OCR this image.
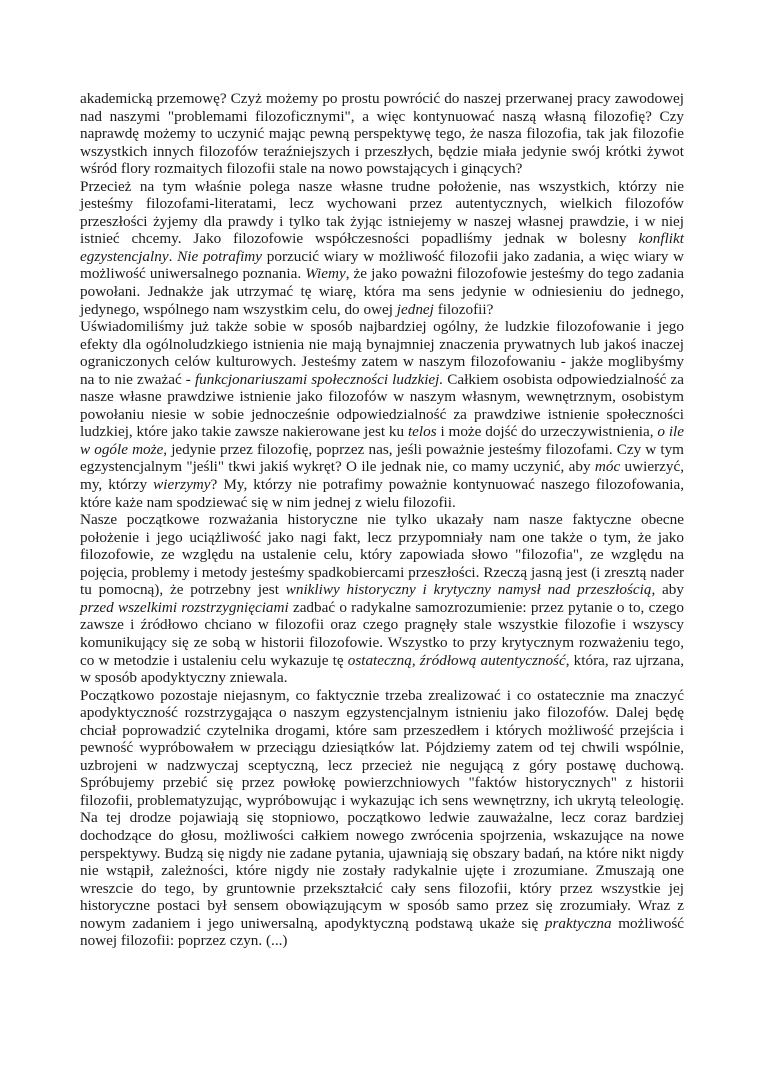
akademicką przemowę? Czyż możemy po prostu powrócić do naszej przerwanej pracy zawodowej nad naszymi "problemami filozoficznymi", a więc kontynuować naszą własną filozofię? Czy naprawdę możemy to uczynić mając pewną perspektywę tego, że nasza filozofia, tak jak filozofie wszystkich innych filozofów teraźniejszych i przeszłych, będzie miała jedynie swój krótki żywot wśród flory rozmaitych filozofii stale na nowo powstających i ginących?

Przecież na tym właśnie polega nasze własne trudne położenie, nas wszystkich, którzy nie jesteśmy filozofami-literatami, lecz wychowani przez autentycznych, wielkich filozofów przeszłości żyjemy dla prawdy i tylko tak żyjąc istniejemy w naszej własnej prawdzie, i w niej istnieć chcemy. Jako filozofowie współczesności popadliśmy jednak w bolesny konflikt egzystencjalny. Nie potrafimy porzucić wiary w możliwość filozofii jako zadania, a więc wiary w możliwość uniwersalnego poznania. Wiemy, że jako poważni filozofowie jesteśmy do tego zadania powołani. Jednakże jak utrzymać tę wiarę, która ma sens jedynie w odniesieniu do jednego, jedynego, wspólnego nam wszystkim celu, do owej jednej filozofii?

Uświadomiliśmy już także sobie w sposób najbardziej ogólny, że ludzkie filozofowanie i jego efekty dla ogólnoludzkiego istnienia nie mają bynajmniej znaczenia prywatnych lub jakoś inaczej ograniczonych celów kulturowych. Jesteśmy zatem w naszym filozofowaniu - jakże moglibyśmy na to nie zważać - funkcjonariuszami społeczności ludzkiej. Całkiem osobista odpowiedzialność za nasze własne prawdziwe istnienie jako filozofów w naszym własnym, wewnętrznym, osobistym powołaniu niesie w sobie jednocześnie odpowiedzialność za prawdziwe istnienie społeczności ludzkiej, które jako takie zawsze nakierowane jest ku telos i może dojść do urzeczywistnienia, o ile w ogóle może, jedynie przez filozofię, poprzez nas, jeśli poważnie jesteśmy filozofami. Czy w tym egzystencjalnym "jeśli" tkwi jakiś wykręt? O ile jednak nie, co mamy uczynić, aby móc uwierzyć, my, którzy wierzymy? My, którzy nie potrafimy poważnie kontynuować naszego filozofowania, które każe nam spodziewać się w nim jednej z wielu filozofii.

Nasze początkowe rozważania historyczne nie tylko ukazały nam nasze faktyczne obecne położenie i jego uciążliwość jako nagi fakt, lecz przypomniały nam one także o tym, że jako filozofowie, ze względu na ustalenie celu, który zapowiada słowo "filozofia", ze względu na pojęcia, problemy i metody jesteśmy spadkobiercami przeszłości. Rzeczą jasną jest (i zresztą nader tu pomocną), że potrzebny jest wnikliwy historyczny i krytyczny namysł nad przeszłością, aby przed wszelkimi rozstrzygnięciami zadbać o radykalne samozrozumienie: przez pytanie o to, czego zawsze i źródłowo chciano w filozofii oraz czego pragnęły stale wszystkie filozofie i wszyscy komunikujący się ze sobą w historii filozofowie. Wszystko to przy krytycznym rozważeniu tego, co w metodzie i ustaleniu celu wykazuje tę ostateczną, źródłową autentyczność, która, raz ujrzana, w sposób apodyktyczny zniewala.

Początkowo pozostaje niejasnym, co faktycznie trzeba zrealizować i co ostatecznie ma znaczyć apodyktyczność rozstrzygająca o naszym egzystencjalnym istnieniu jako filozofów. Dalej będę chciał poprowadzić czytelnika drogami, które sam przeszedłem i których możliwość przejścia i pewność wypróbowałem w przeciągu dziesiątków lat. Pójdziemy zatem od tej chwili wspólnie, uzbrojeni w nadzwyczaj sceptyczną, lecz przecież nie negującą z góry postawę duchową. Spróbujemy przebić się przez powłokę powierzchniowych "faktów historycznych" z historii filozofii, problematyzując, wypróbowując i wykazując ich sens wewnętrzny, ich ukrytą teleologię. Na tej drodze pojawiają się stopniowo, początkowo ledwie zauważalne, lecz coraz bardziej dochodzące do głosu, możliwości całkiem nowego zwrócenia spojrzenia, wskazujące na nowe perspektywy. Budzą się nigdy nie zadane pytania, ujawniają się obszary badań, na które nikt nigdy nie wstąpił, zależności, które nigdy nie zostały radykalnie ujęte i zrozumiane. Zmuszają one wreszcie do tego, by gruntownie przekształcić cały sens filozofii, który przez wszystkie jej historyczne postaci był sensem obowiązującym w sposób samo przez się zrozumiały. Wraz z nowym zadaniem i jego uniwersalną, apodyktyczną podstawą ukaże się praktyczna możliwość nowej filozofii: poprzez czyn. (...)
